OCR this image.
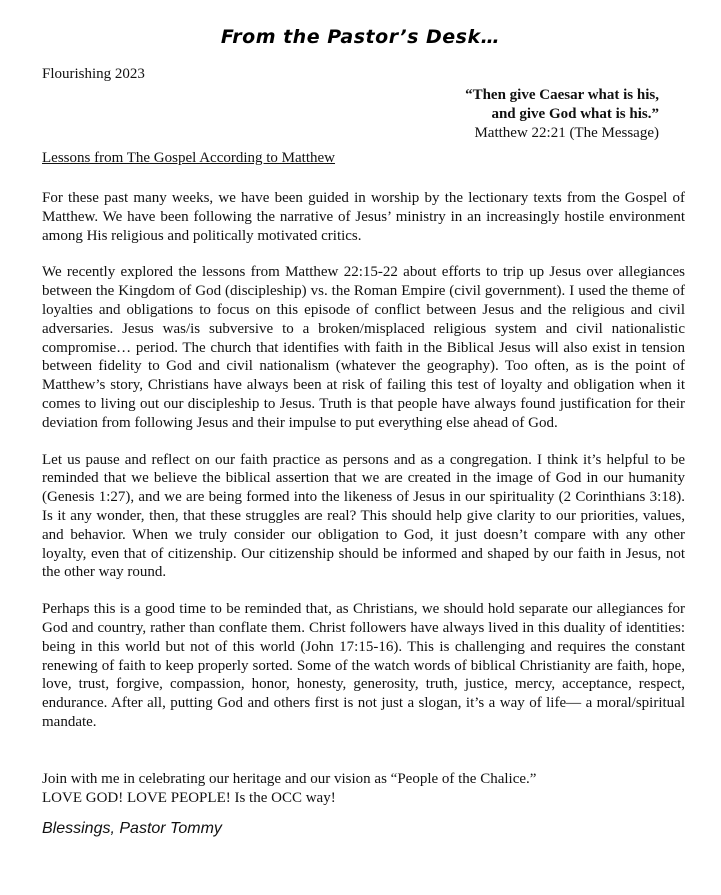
From the Pastor’s Desk…
Flourishing 2023
“Then give Caesar what is his,
and give God what is his.”
Matthew 22:21 (The Message)
Lessons from The Gospel According to Matthew

For these past many weeks, we have been guided in worship by the lectionary texts from the Gospel of Matthew. We have been following the narrative of Jesus’ ministry in an increasingly hostile environment among His religious and politically motivated critics.

We recently explored the lessons from Matthew 22:15-22 about efforts to trip up Jesus over allegiances between the Kingdom of God (discipleship) vs. the Roman Empire (civil government). I used the theme of loyalties and obligations to focus on this episode of conflict between Jesus and the religious and civil adversaries. Jesus was/is subversive to a broken/misplaced religious system and civil nationalistic compromise… period. The church that identifies with faith in the Biblical Jesus will also exist in tension between fidelity to God and civil nationalism (whatever the geography). Too often, as is the point of Matthew’s story, Christians have always been at risk of failing this test of loyalty and obligation when it comes to living out our discipleship to Jesus. Truth is that people have always found justification for their deviation from following Jesus and their impulse to put everything else ahead of God.

Let us pause and reflect on our faith practice as persons and as a congregation. I think it’s helpful to be reminded that we believe the biblical assertion that we are created in the image of God in our humanity (Genesis 1:27), and we are being formed into the likeness of Jesus in our spirituality (2 Corinthians 3:18). Is it any wonder, then, that these struggles are real? This should help give clarity to our priorities, values, and behavior. When we truly consider our obligation to God, it just doesn’t compare with any other loyalty, even that of citizenship. Our citizenship should be informed and shaped by our faith in Jesus, not the other way round.

Perhaps this is a good time to be reminded that, as Christians, we should hold separate our allegiances for God and country, rather than conflate them. Christ followers have always lived in this duality of identities: being in this world but not of this world (John 17:15-16). This is challenging and requires the constant renewing of faith to keep properly sorted. Some of the watch words of biblical Christianity are faith, hope, love, trust, forgive, compassion, honor, honesty, generosity, truth, justice, mercy, acceptance, respect, endurance. After all, putting God and others first is not just a slogan, it’s a way of life— a moral/spiritual mandate.

Join with me in celebrating our heritage and our vision as “People of the Chalice.”
LOVE GOD! LOVE PEOPLE! Is the OCC way!
Blessings, Pastor Tommy
